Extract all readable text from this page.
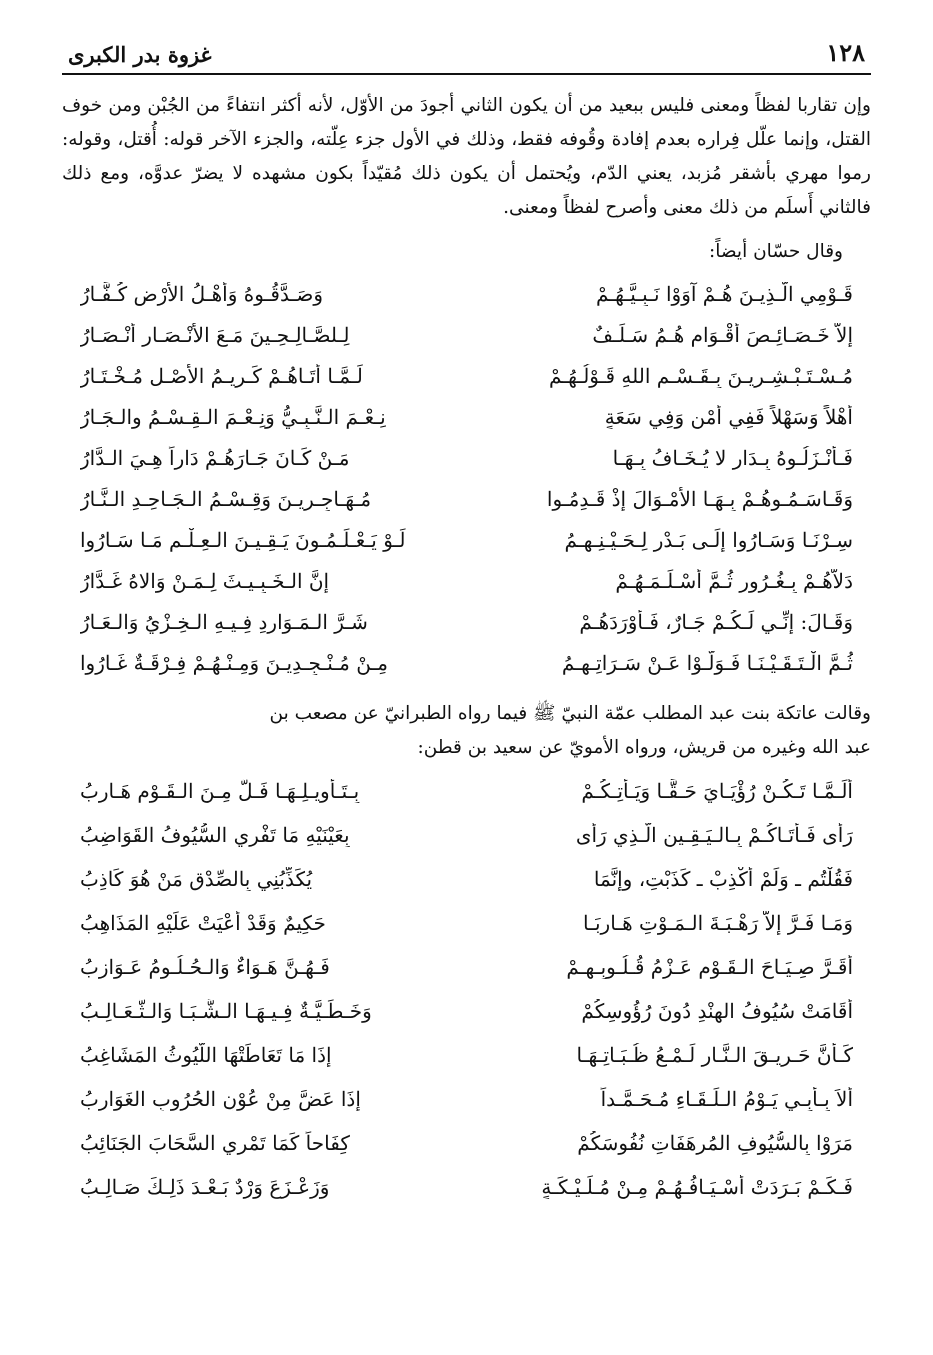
١٢٨
غزوة بدر الكبرى

وإن تقاربا لفظاً ومعنى فليس ببعيد من أن يكون الثاني أجودَ من الأوّل، لأنه أكثر انتفاءً من الجُبْن ومن خوف القتل، وإنما علّل فِراره بعدم إفادة وقُوفه فقط، وذلك في الأول جزء عِلّته، والجزء الآخر قوله: أُقتل، وقوله: رموا مهري بأشقر مُزبد، يعني الدّم، ويُحتمل أن يكون ذلك مُقيّداً بكون مشهده لا يضرّ عدوَّه، ومع ذلك فالثاني أَسلَم من ذلك معنى وأصرح لفظاً ومعنى.

وقال حسّان أيضاً:
قَـوْمِي الَّـذِيـنَ هُـمْ آوَوْا نَـبِـيَّـهُـمْ
وَصَـدَّقُـوهُ وَأَهْـلُ الأرْضِ كُـفَّـارُ
إلاَّ خَـصَـائِـصَ أَقْـوَامٍ هُـمُ سَـلَـفٌ
لِـلصَّـالِـحِـينَ مَـعَ الأَنْـصَـارِ أَنْـصَـارُ
مُـسْـتَـبْـشِـرِيـنَ بِـقَـسْـمِ اللهِ قَـوْلُـهُـمْ
لَـمَّـا أَتَـاهُـمْ كَـرِيـمُ الأَصْـلِ مُـخْـتَـارُ
أَهْلاً وَسَهْلاً فَفِي أَمْنٍ وَفِي سَعَةٍ
نِـعْـمَ الـنَّـبِـيُّ وَنِـعْـمَ الـقِـسْـمُ والـجَـارُ
فَـأَنْـزَلُـوهُ بِـدَارٍ لا يُـخَـافُ بِـهَـا
مَـنْ كَـانَ جَـارَهُـمْ دَاراً هِـيَ الـدَّارُ
وَقَـاسَـمُـوهُـمْ بِـهَـا الأَمْـوَالَ إِذْ قَـدِمُـوا
مُـهَـاجِـرِيـنَ وَقِـسْـمُ الـجَـاحِـدِ الـنَّـارُ
سِـرْنَـا وَسَـارُوا إِلَـى بَـدْرٍ لِـحَـيْـنِـهِـمُ
لَـوْ يَـعْـلَـمُـونَ يَـقِـيـنَ الـعِـلْـمِ مَـا سَـارُوا
دَلاَّهُـمْ بِـغُـرُورٍ ثُـمَّ أَسْـلَـمَـهُـمْ
إِنَّ الـخَـبِـيـثَ لِـمَـنْ وَالاهُ غَـدَّارُ
وَقَـالَ: إِنِّـي لَـكُـمْ جَـارٌ، فَـأَوْرَدَهُـمْ
شَـرَّ الـمَـوَارِدِ فِـيـهِ الـخِـزْيُ وَالـعَـارُ
ثُـمَّ الْـتَـقَـيْـنَـا فَـوَلَّـوْا عَـنْ سَـرَاتِـهِـمُ
مِـنْ مُـنْـجِـدِيـنَ وَمِـنْـهُـمْ فِـرْقَـةٌ غَـارُوا

وقالت عاتكة بنت عبد المطلب عمّة النبيّ ﷺ فيما رواه الطبرانيّ عن مصعب بن

عبد الله وغيره من قريش، ورواه الأمويّ عن سعيد بن قطن:

أَلَـمَّـا تَـكُـنْ رُؤْيَـايَ حَـقًّـا وَيَـأْتِـكُـمْ
بِـتَـأْوِيـلِـهَـا فَـلٌّ مِـنَ الـقَـوْمِ هَـارِبُ
رَأَى فَـأَتَـاكُـمْ بِـالـيَـقِـينِ الَّـذِي رَأَى
بِعَيْنَيْهِ مَا تَفْرِي السُّيُوفُ القَوَاضِبُ
فَقُلْتُم ـ وَلَمْ أَكْذِبْ ـ كَذَبْتِ، وإِنَّمَا
يُكَذِّبُنِي بِالصِّدْقِ مَنْ هُوَ كَاذِبُ
وَمَـا فَـرَّ إِلاَّ رَهْـبَـةَ الـمَـوْتِ هَـارِبَـا
حَكِيمٌ وَقَدْ أُعْيَتْ عَلَيْهِ المَذَاهِبُ
أَقَـرَّ صِـيَـاحَ الـقَـوْمِ عَـزْمُ قُـلُـوبِـهِـمْ
فَـهُـنَّ هَـوَاءٌ وَالـحُـلُـومُ عَـوَازِبُ
أَقَامَتْ سُيُوفُ الهِنْدِ دُونَ رُؤُوسِكُمْ
وَخَـطِّـيَّـةٌ فِـيـهَـا الـشَّـبَـا وَالـثَّـعَـالِـبُ
كَـأَنَّ حَـرِيـقَ الـنَّـارِ لَـمْـعُ ظُـبَـاتِـهَـا
إِذَا مَا تَعَاطَتْهَا اللُّيُوثُ المَشَاغِبُ
أَلاَ بِـأَبِـي يَـوْمُ الـلِّـقَـاءِ مُـحَـمَّـداً
إِذَا عَضَّ مِنْ عُوْنِ الحُرُوبِ الغَوَارِبُ
مَرَوْا بِالسُّيُوفِ المُرهَفَاتِ نُفُوسَكُمْ
كِفَاحاً كَمَا تَمْرِي السَّحَابَ الجَنَائِبُ
فَـكَـمْ بَـرَدَتْ أَسْـيَـافُـهُـمْ مِـنْ مُـلَـيْـكَـةٍ
وَزَعْـزَعَ وَرْدٌ بَـعْـدَ ذَلِـكَ صَـالِـبُ
